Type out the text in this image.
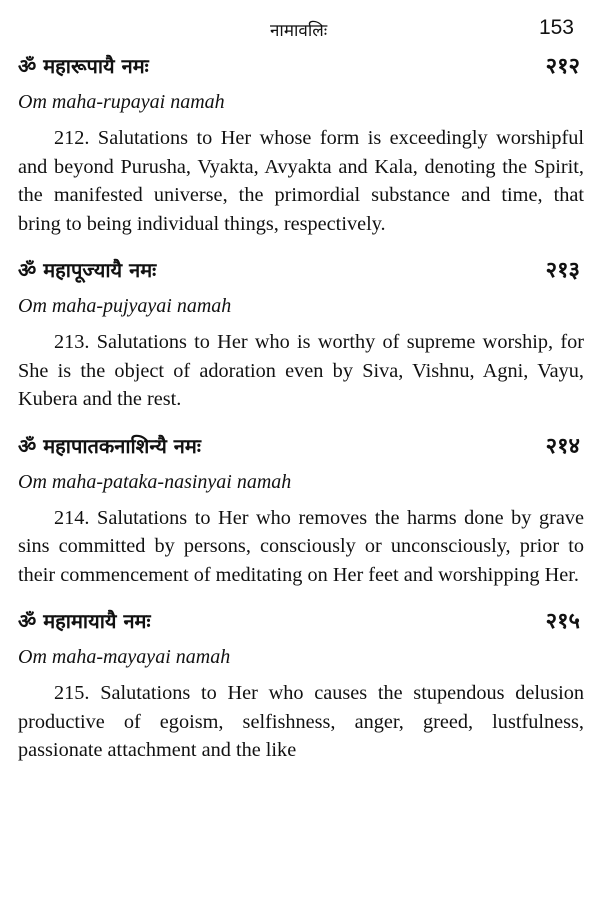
नामावलिः	153
ॐ महारूपायै नमः	२१२
Om maha-rupayai namah

212. Salutations to Her whose form is exceedingly worshipful and beyond Purusha, Vyakta, Avyakta and Kala, denoting the Spirit, the manifested universe, the primordial substance and time, that bring to being individual things, respectively.

ॐ महापूज्यायै नमः	२१३
Om maha-pujyayai namah

213. Salutations to Her who is worthy of supreme worship, for She is the object of adoration even by Siva, Vishnu, Agni, Vayu, Kubera and the rest.

ॐ महापातकनाशिन्यै नमः	२१४
Om maha-pataka-nasinyai namah

214. Salutations to Her who removes the harms done by grave sins committed by persons, consciously or unconsciously, prior to their commencement of meditating on Her feet and worshipping Her.

ॐ महामायायै नमः	२१५
Om maha-mayayai namah

215. Salutations to Her who causes the stupendous delusion productive of egoism, selfishness, anger, greed, lustfulness, passionate attachment and the like
